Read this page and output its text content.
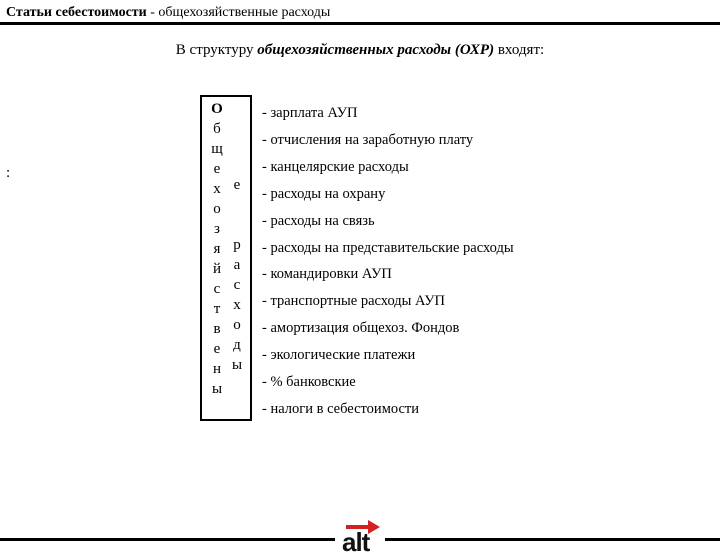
Статьи себестоимости - общехозяйственные расходы
В структуру общехозяйственных расходы (ОХР) входят:
:
О
б
щ
е
х
о
з
я
й
с
т
в
е
н
ы
е
р
а
с
х
о
д
ы
- зарплата АУП
- отчисления на заработную плату
- канцелярские расходы
- расходы на охрану
- расходы на связь
- расходы на представительские расходы
- командировки АУП
- транспортные расходы АУП
- амортизация общехоз. Фондов
- экологические платежи
- % банковские
- налоги в себестоимости
alt
